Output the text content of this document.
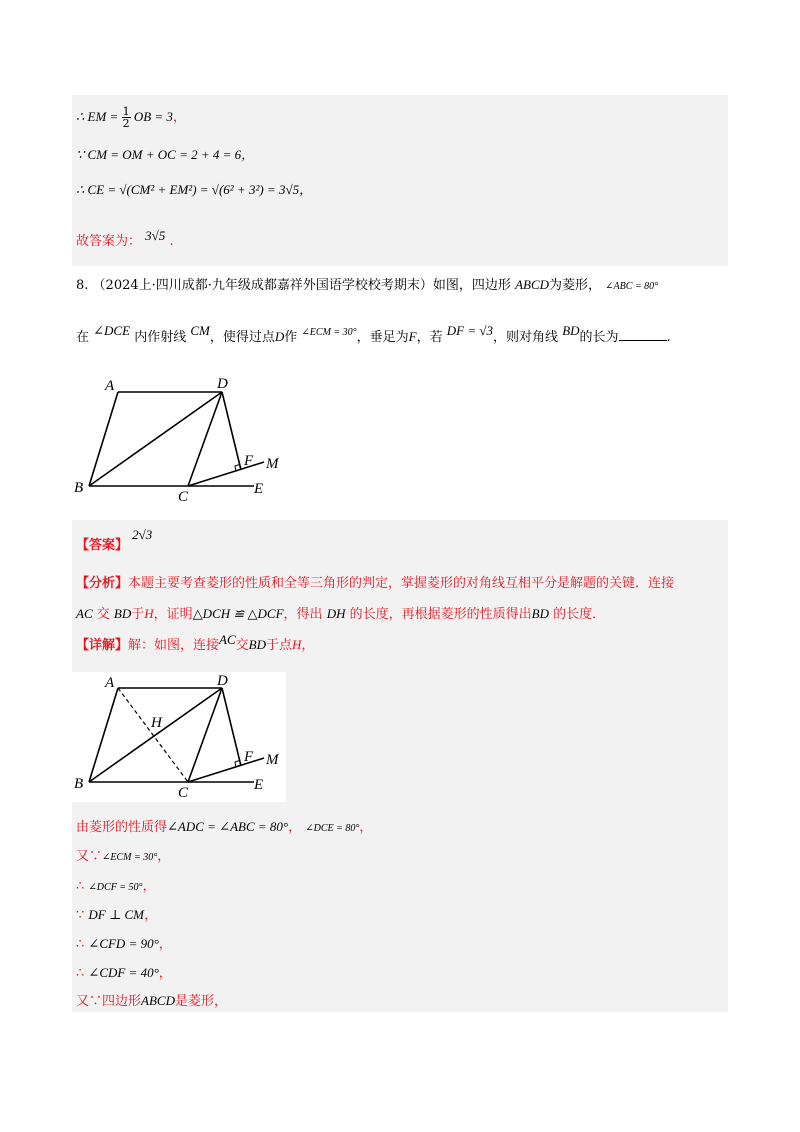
∴ EM = $\frac{1}{2}$ OB = 3，
∵ CM = OM + OC = 2 + 4 = 6，
∴ CE = √(CM² + EM²) = √(6² + 3²) = 3√5，
故答案为： 3√5 .
8. （2024上·四川成都·九年级成都嘉祥外国语学校校考期末）如图，四边形 ABCD为菱形， ∠ABC = 80°
在 ∠DCE 内作射线 CM，使得过点D作 $^{\angle ECM = 30^\circ}$，垂足为F，若 DF = √3，则对角线 BD的长为	.
A	D
B
C	E
F M
【答案】 2√3
【分析】本题主要考查菱形的性质和全等三角形的判定，掌握菱形的对角线互相平分是解题的关键．连接
AC 交 BD于H，证明△DCH ≌ △DCF，得出 DH 的长度，再根据菱形的性质得出BD 的长度．
【详解】解：如图，连接AC交BD于点H，
A	D
H
B
C	E
F M
由菱形的性质得∠ADC = ∠ABC = 80°， ∠DCE = 80°，
又∵∠ECM = 30°，
∴ ∠DCF = 50°，
∵ DF ⊥ CM，
∴ ∠CFD = 90°，
∴ ∠CDF = 40°，
又∵四边形ABCD是菱形，
